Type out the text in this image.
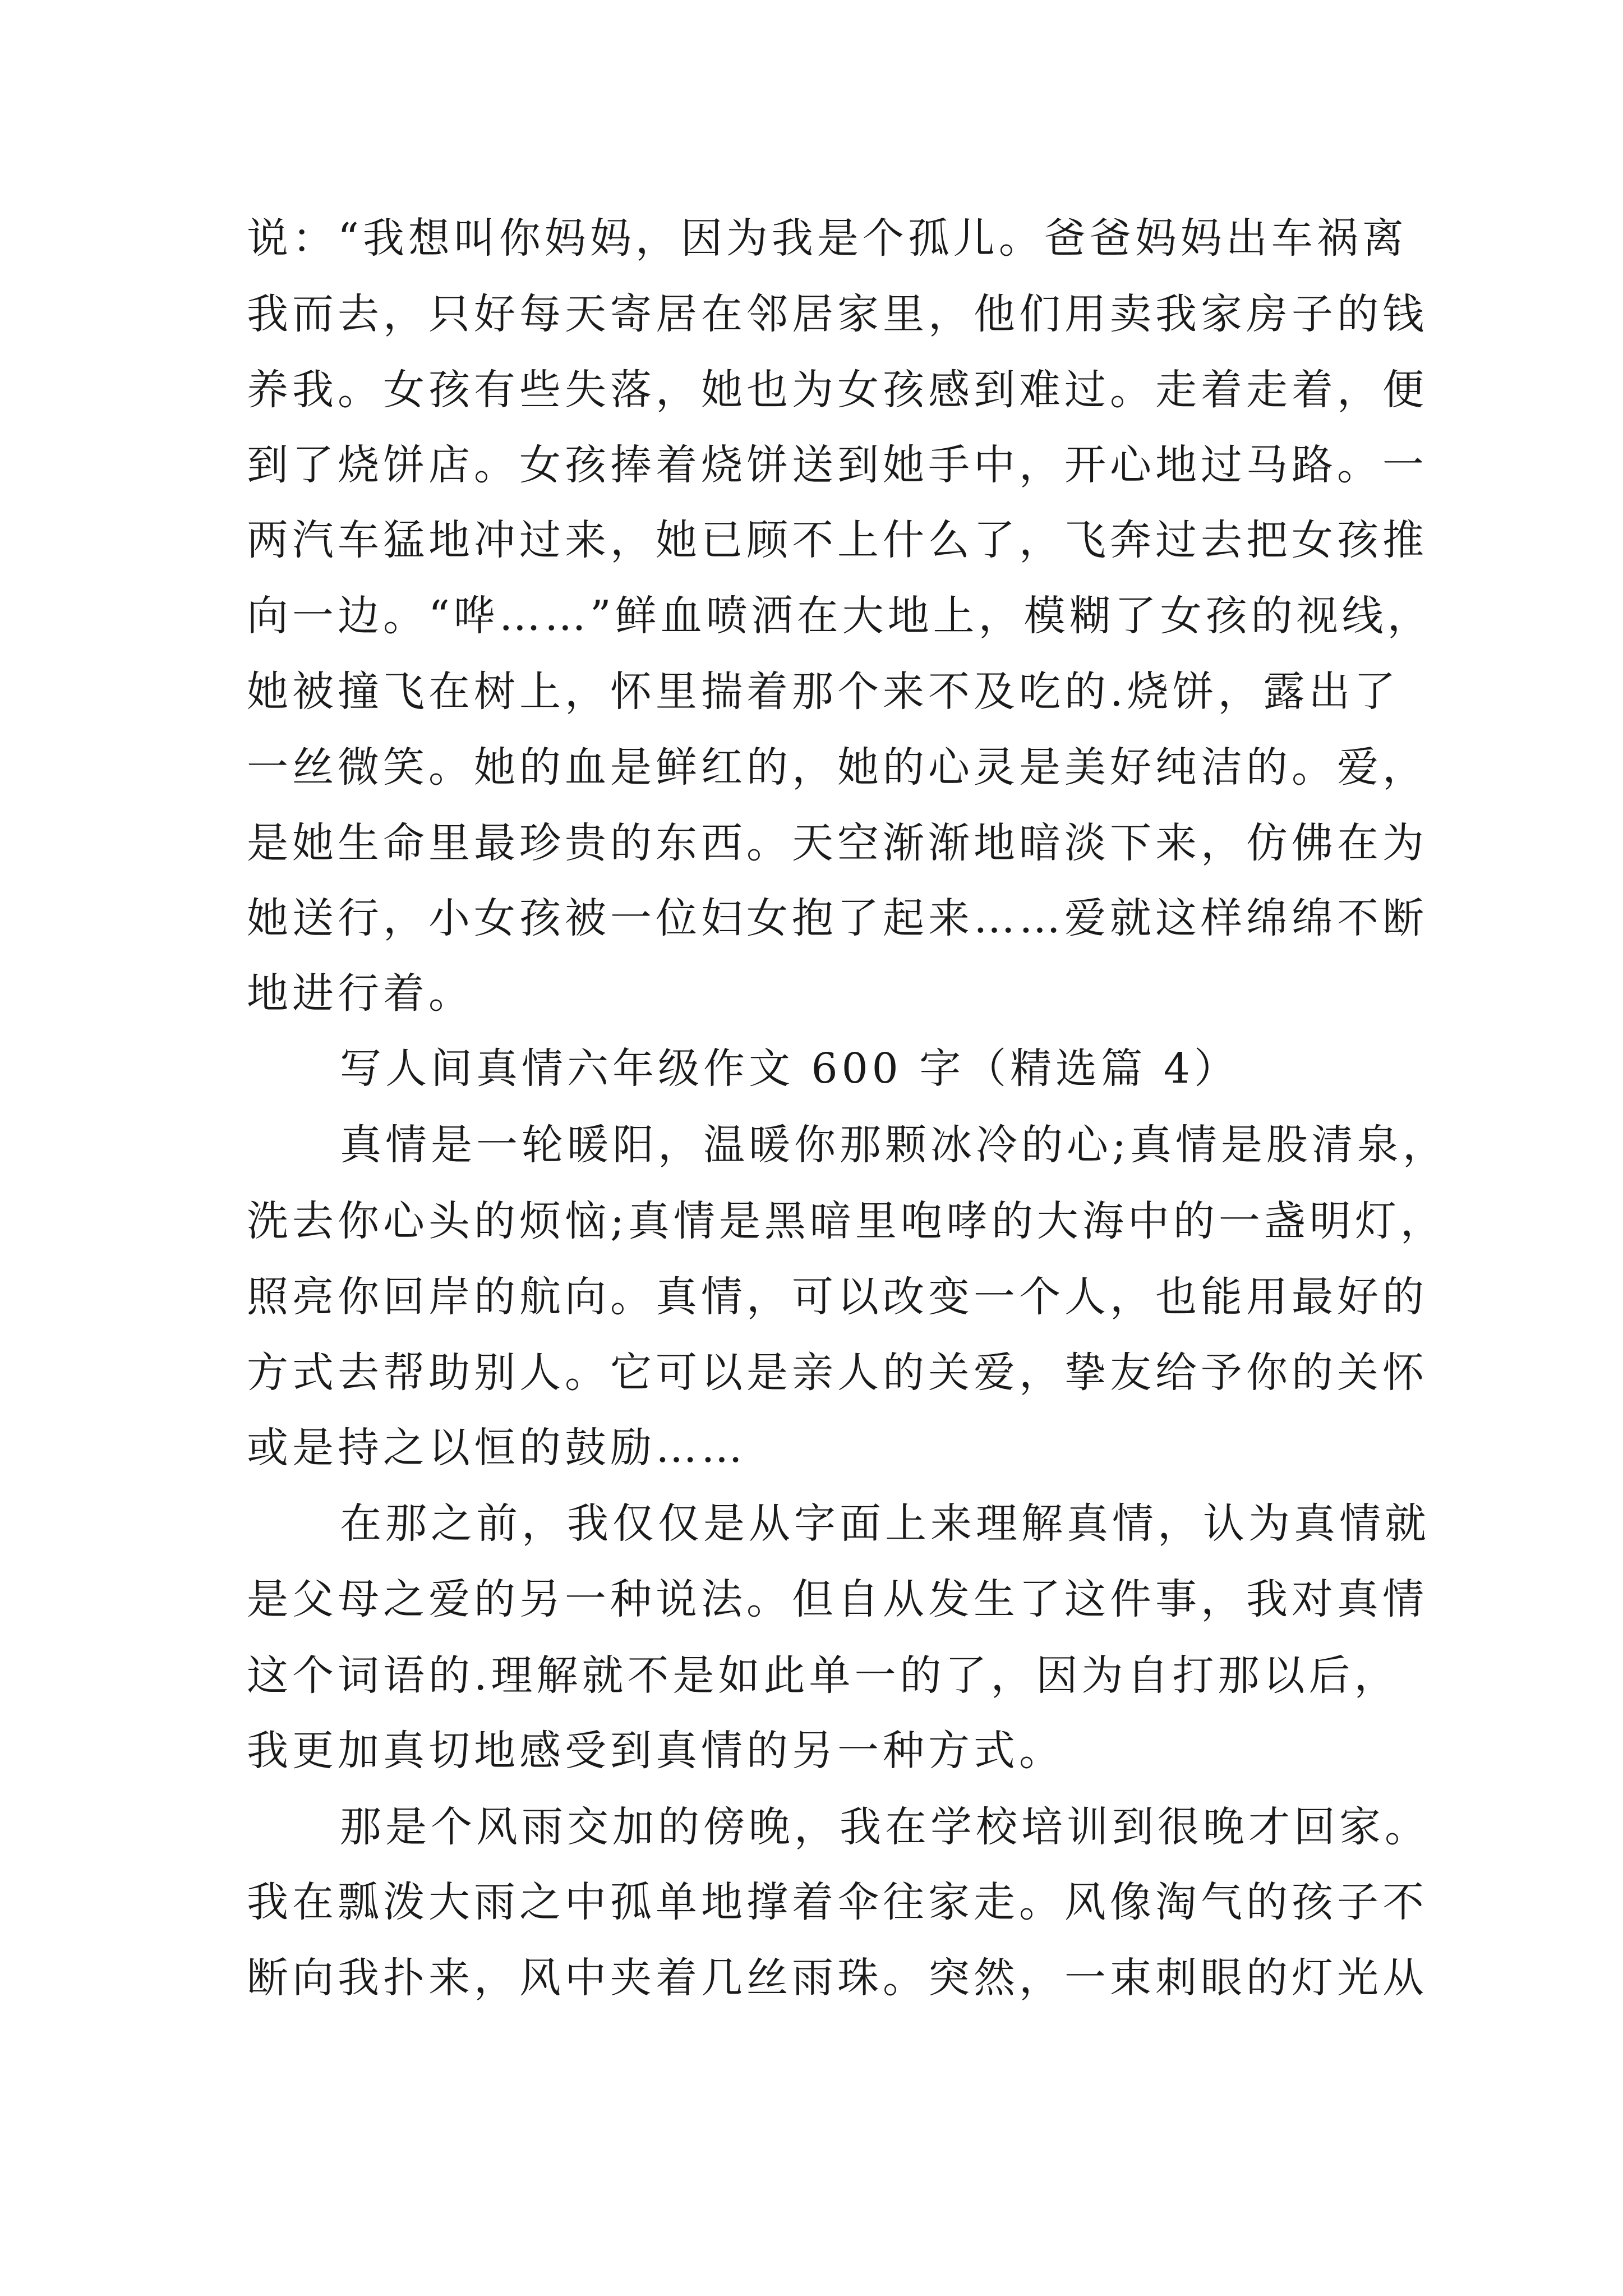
说：“我想叫你妈妈，因为我是个孤儿。爸爸妈妈出车祸离
我而去，只好每天寄居在邻居家里，他们用卖我家房子的钱
养我。女孩有些失落，她也为女孩感到难过。走着走着，便
到了烧饼店。女孩捧着烧饼送到她手中，开心地过马路。一
两汽车猛地冲过来，她已顾不上什么了，飞奔过去把女孩推
向一边。“哗……”鲜血喷洒在大地上，模糊了女孩的视线，
她被撞飞在树上，怀里揣着那个来不及吃的.烧饼，露出了
一丝微笑。她的血是鲜红的，她的心灵是美好纯洁的。爱，
是她生命里最珍贵的东西。天空渐渐地暗淡下来，仿佛在为
她送行，小女孩被一位妇女抱了起来……爱就这样绵绵不断
地进行着。
写人间真情六年级作文 600 字（精选篇 4）
真情是一轮暖阳，温暖你那颗冰冷的心;真情是股清泉，
洗去你心头的烦恼;真情是黑暗里咆哮的大海中的一盏明灯，
照亮你回岸的航向。真情，可以改变一个人，也能用最好的
方式去帮助别人。它可以是亲人的关爱，挚友给予你的关怀
或是持之以恒的鼓励……
在那之前，我仅仅是从字面上来理解真情，认为真情就
是父母之爱的另一种说法。但自从发生了这件事，我对真情
这个词语的.理解就不是如此单一的了，因为自打那以后，
我更加真切地感受到真情的另一种方式。
那是个风雨交加的傍晚，我在学校培训到很晚才回家。
我在瓢泼大雨之中孤单地撑着伞往家走。风像淘气的孩子不
断向我扑来，风中夹着几丝雨珠。突然，一束刺眼的灯光从
